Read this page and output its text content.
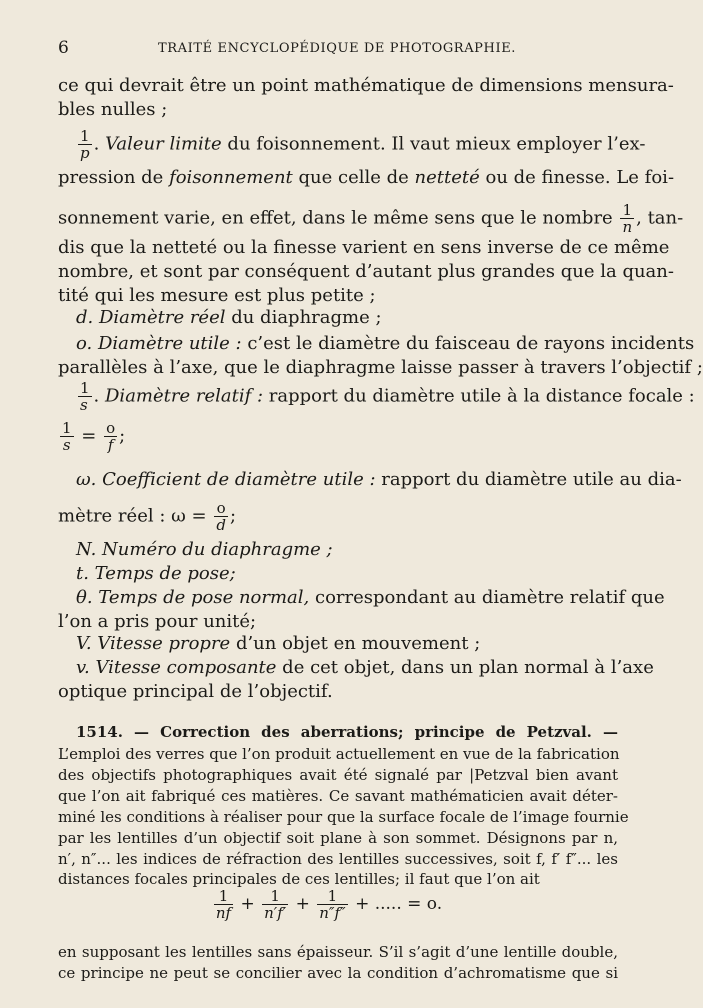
6	TRAITÉ ENCYCLOPÉDIQUE DE PHOTOGRAPHIE.
ce qui devrait être un point mathématique de dimensions mensura-
bles nulles ;
$\frac{1}{p}$ . Valeur limite du foisonnement. Il vaut mieux employer l’ex-
pression de foisonnement que celle de netteté ou de finesse. Le foi-
sonnement varie, en effet, dans le même sens que le nombre $\frac{1}{n}$ , tan-
dis que la netteté ou la finesse varient en sens inverse de ce même
nombre, et sont par conséquent d’autant plus grandes que la quan-
tité qui les mesure est plus petite ;
d. Diamètre réel du diaphragme ;
o. Diamètre utile : c’est le diamètre du faisceau de rayons incidents
parallèles à l’axe, que le diaphragme laisse passer à travers l’objectif ;
$\frac{1}{s}$ . Diamètre relatif : rapport du diamètre utile à la distance focale :
$\frac{1}{s} = \frac{o}{f}$ ;
ω. Coefficient de diamètre utile : rapport du diamètre utile au dia-
mètre réel : $\omega = \frac{o}{d}$ ;
N. Numéro du diaphragme ;
t. Temps de pose;
θ. Temps de pose normal, correspondant au diamètre relatif que
l’on a pris pour unité;
V. Vitesse propre d’un objet en mouvement ;
v. Vitesse composante de cet objet, dans un plan normal à l’axe
optique principal de l’objectif.
1514. — Correction des aberrations; principe de Petzval. —
L’emploi des verres que l’on produit actuellement en vue de la fabrication
des objectifs photographiques avait été signalé par |Petzval bien avant
que l’on ait fabriqué ces matières. Ce savant mathématicien avait déter-
miné les conditions à réaliser pour que la surface focale de l’image fournie
par les lentilles d’un objectif soit plane à son sommet. Désignons par n,
n′, n″... les indices de réfraction des lentilles successives, soit f, f′ f″... les
distances focales principales de ces lentilles; il faut que l’on ait
$\frac{1}{nf} + \frac{1}{n'f'} + \frac{1}{n''f''}$ + ..... = o.
en supposant les lentilles sans épaisseur. S’il s’agit d’une lentille double,
ce principe ne peut se concilier avec la condition d’achromatisme que si
